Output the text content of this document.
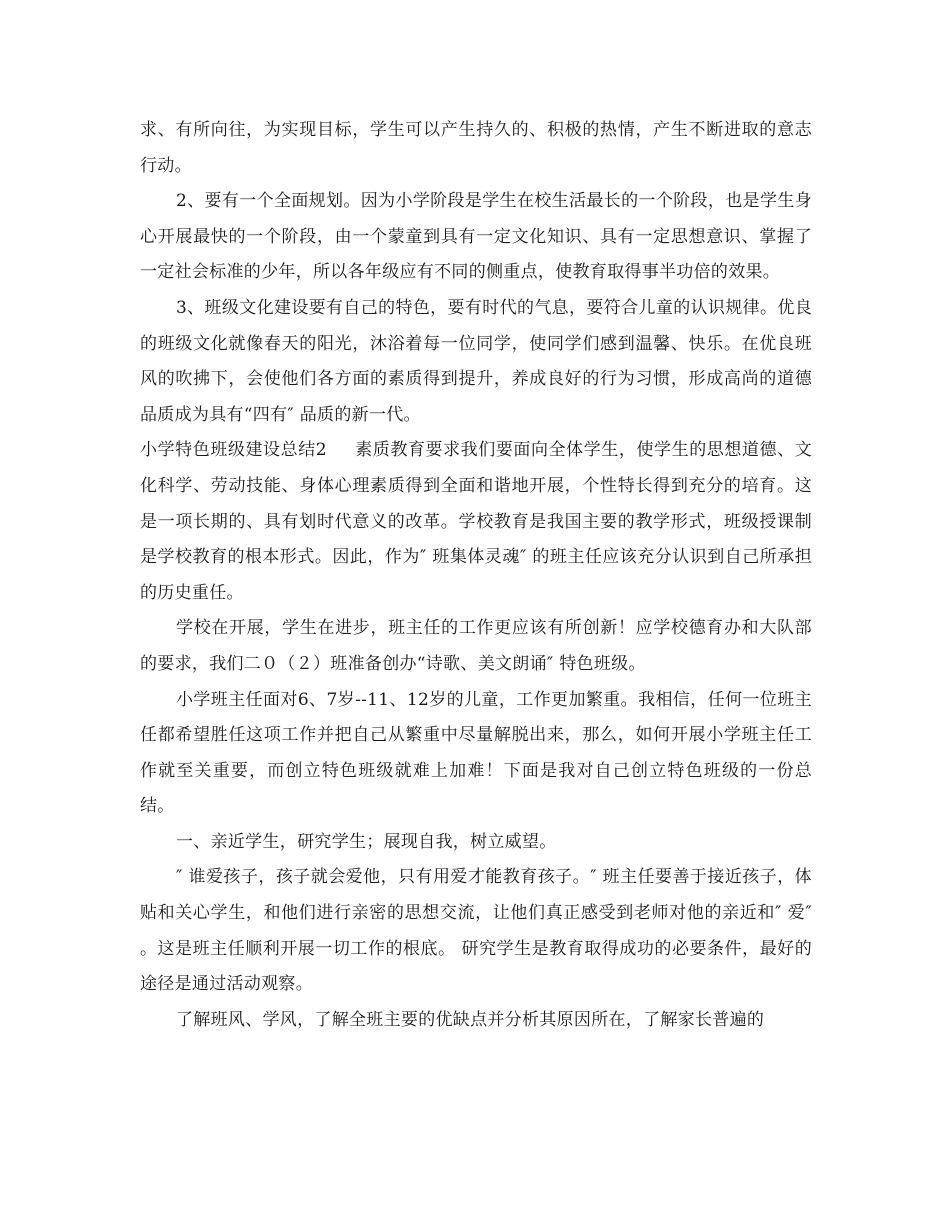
求、有所向往，为实现目标，学生可以产生持久的、积极的热情，产生不断进取的意志行动。

2、要有一个全面规划。因为小学阶段是学生在校生活最长的一个阶段，也是学生身心开展最快的一个阶段，由一个蒙童到具有一定文化知识、具有一定思想意识、掌握了一定社会标准的少年，所以各年级应有不同的侧重点，使教育取得事半功倍的效果。

3、班级文化建设要有自己的特色，要有时代的气息，要符合儿童的认识规律。优良的班级文化就像春天的阳光，沐浴着每一位同学，使同学们感到温馨、快乐。在优良班风的吹拂下，会使他们各方面的素质得到提升，养成良好的行为习惯，形成高尚的道德品质成为具有“四有″ 品质的新一代。

小学特色班级建设总结2 素质教育要求我们要面向全体学生，使学生的思想道德、文化科学、劳动技能、身体心理素质得到全面和谐地开展，个性特长得到充分的培育。这是一项长期的、具有划时代意义的改革。学校教育是我国主要的教学形式，班级授课制是学校教育的根本形式。因此，作为″ 班集体灵魂″ 的班主任应该充分认识到自己所承担的历史重任。

学校在开展，学生在进步，班主任的工作更应该有所创新！应学校德育办和大队部的要求，我们二０（２）班准备创办“诗歌、美文朗诵″ 特色班级。

小学班主任面对6、7岁--11、12岁的儿童，工作更加繁重。我相信，任何一位班主任都希望胜任这项工作并把自己从繁重中尽量解脱出来，那么，如何开展小学班主任工作就至关重要，而创立特色班级就难上加难！下面是我对自己创立特色班级的一份总结。

一、亲近学生，研究学生；展现自我，树立威望。

″ 谁爱孩子，孩子就会爱他，只有用爱才能教育孩子。″ 班主任要善于接近孩子，体贴和关心学生，和他们进行亲密的思想交流，让他们真正感受到老师对他的亲近和″ 爱″ 。这是班主任顺利开展一切工作的根底。 研究学生是教育取得成功的必要条件，最好的途径是通过活动观察。

了解班风、学风，了解全班主要的优缺点并分析其原因所在，了解家长普遍的
